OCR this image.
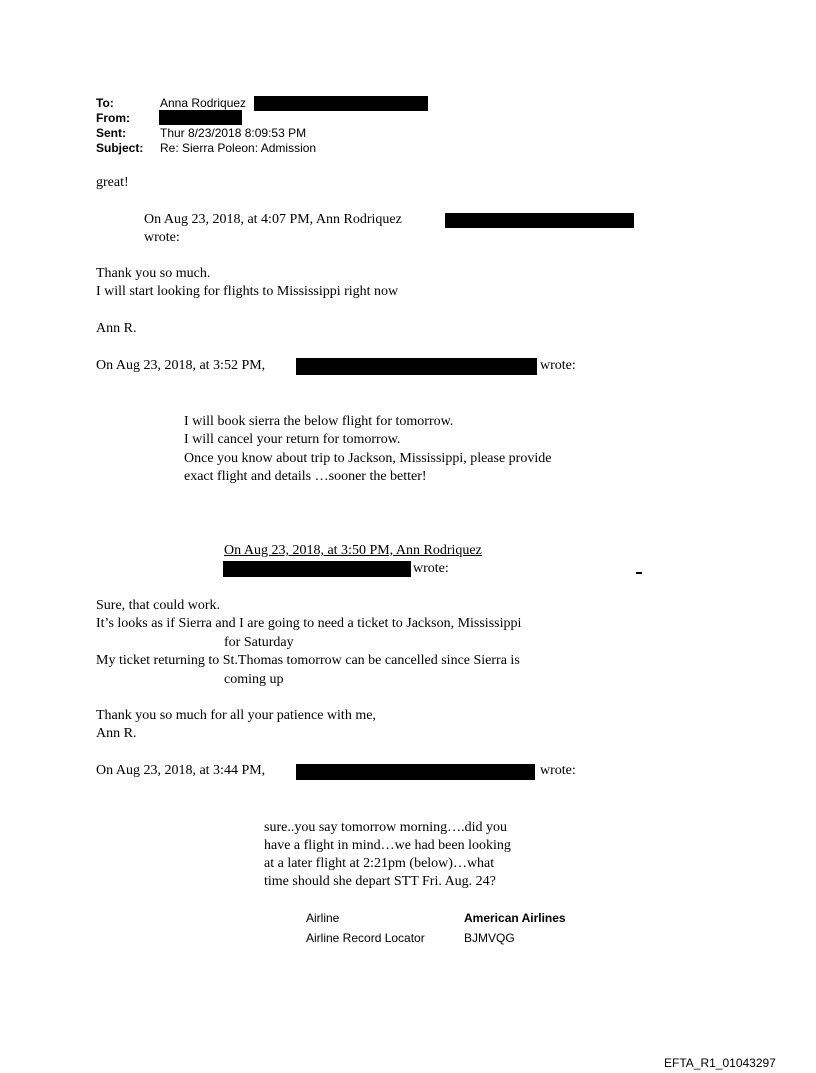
To:	Anna Rodriquez
From:
Sent:	Thur 8/23/2018 8:09:53 PM
Subject: Re: Sierra Poleon: Admission
great!
On Aug 23, 2018, at 4:07 PM, Ann Rodriquez
wrote:
Thank you so much.
I will start looking for flights to Mississippi right now
Ann R.
On Aug 23, 2018, at 3:52 PM,	wrote:
I will book sierra the below flight for tomorrow.
I will cancel your return for tomorrow.
Once you know about trip to Jackson, Mississippi, please provide
exact flight and details …sooner the better!
On Aug 23, 2018, at 3:50 PM, Ann Rodriquez
wrote:
Sure, that could work.
It’s looks as if Sierra and I are going to need a ticket to Jackson, Mississippi
for Saturday
My ticket returning to St.Thomas tomorrow can be cancelled since Sierra is
coming up
Thank you so much for all your patience with me,
Ann R.
On Aug 23, 2018, at 3:44 PM,	wrote:
sure..you say tomorrow morning….did you
have a flight in mind…we had been looking
at a later flight at 2:21pm (below)…what
time should she depart STT Fri. Aug. 24?
Airline	American Airlines
Airline Record Locator	BJMVQG
EFTA_R1_01043297
